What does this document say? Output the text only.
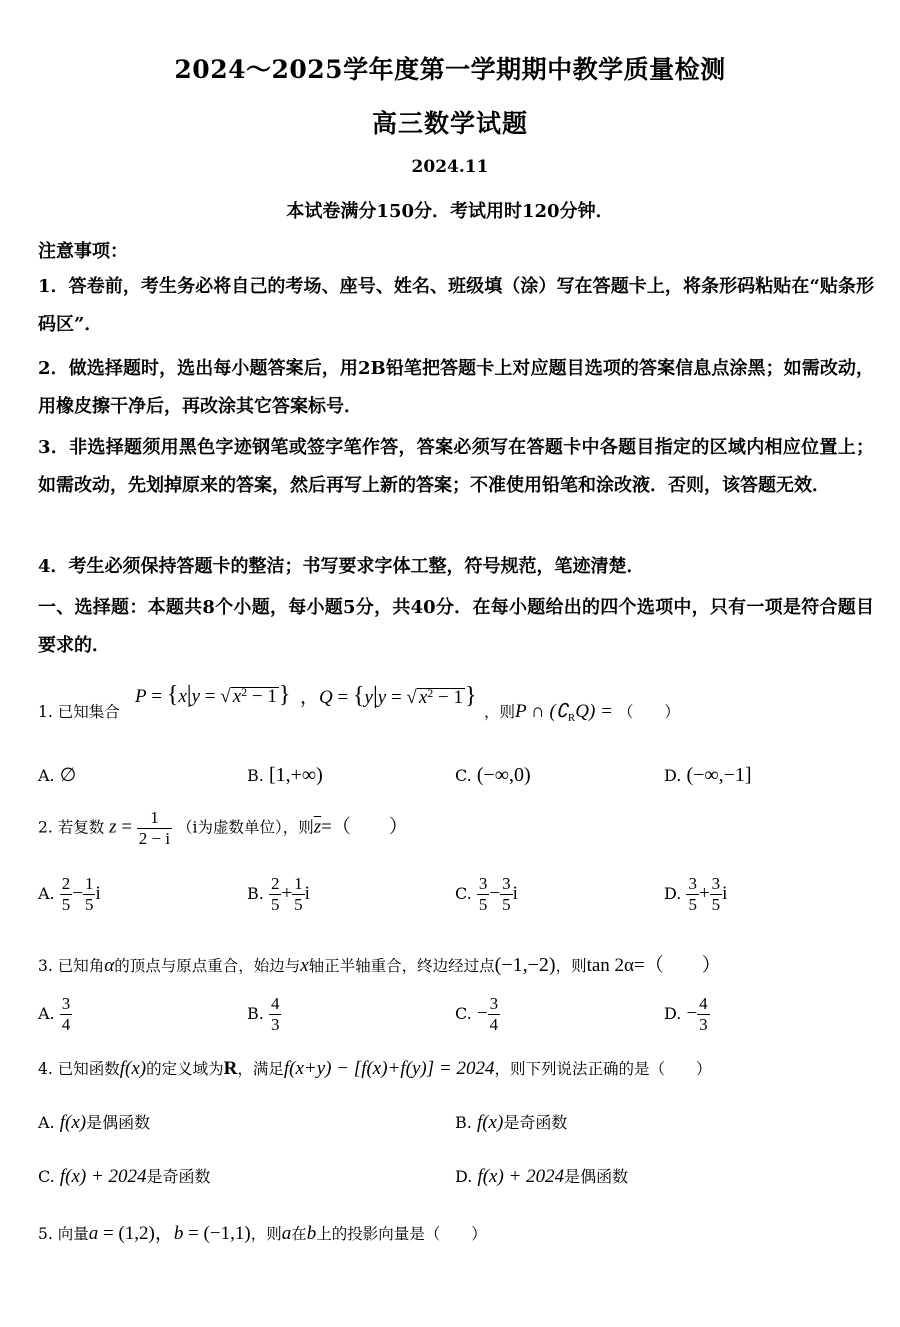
2024～2025学年度第一学期期中教学质量检测
高三数学试题
2024.11
本试卷满分150分．考试用时120分钟．
注意事项：
1．答卷前，考生务必将自己的考场、座号、姓名、班级填（涂）写在答题卡上，将条形码粘贴在“贴条形码区”．
2．做选择题时，选出每小题答案后，用2B铅笔把答题卡上对应题目选项的答案信息点涂黑；如需改动，用橡皮擦干净后，再改涂其它答案标号．
3．非选择题须用黑色字迹钢笔或签字笔作答，答案必须写在答题卡中各题目指定的区域内相应位置上；如需改动，先划掉原来的答案，然后再写上新的答案；不准使用铅笔和涂改液．否则，该答题无效．
4．考生必须保持答题卡的整洁；书写要求字体工整，符号规范，笔迹清楚．
一、选择题：本题共8个小题，每小题5分，共40分．在每小题给出的四个选项中，只有一项是符合题目要求的．
1. 已知集合
P = {x|y = √ $x^2 - 1$} ，Q = {y|y = √ $x^2 - 1$}
，则P ∩ $(∁_RQ)$ = （　　）
A. ∅	B. [1,+∞)	C. (−∞,0)	D. (−∞,−1]
2. 若复数 $z = \frac{1}{2 - i} (i$为虚数单位），则$\overline{z}=$（　　）
A. $\frac{2}{5} - \frac{1}{5}$ i	B. $\frac{2}{5} + \frac{1}{5}$ i	C. $\frac{3}{5} - \frac{3}{5}$ i	D. $\frac{3}{5} + \frac{3}{5}$ i
3. 已知角α的顶点与原点重合，始边与x轴正半轴重合，终边经过点(−1,−2)，则tan 2α=（　　）
A. $\frac{3}{4}$	B. $\frac{4}{3}$	C. − $\frac{3}{4}$	D. − $\frac{4}{3}$
4. 已知函数f(x)的定义域为R，满足f(x+y) − [f(x)+f(y)] = 2024，则下列说法正确的是（　　）
A. f(x)是偶函数	B. f(x)是奇函数
C. f(x) + 2024是奇函数	D. f(x) + 2024是偶函数
5. 向量a = (1,2)，b = (−1,1)，则a在b上的投影向量是（　　）
